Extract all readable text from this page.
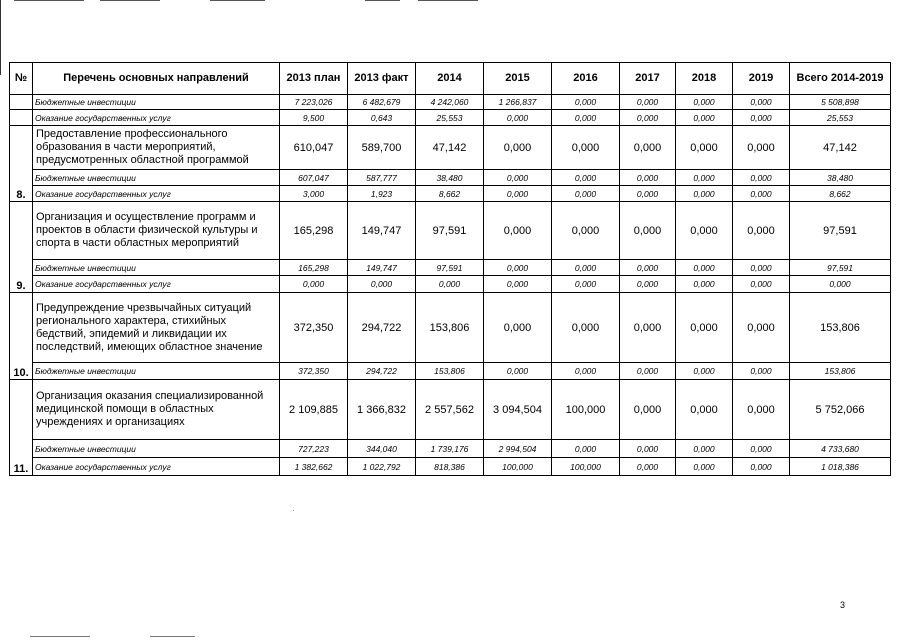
№	Перечень основных направлений	2013 план	2013 факт	2014	2015	2016	2017	2018	2019	Всего 2014-2019
	Бюджетные инвестиции	7 223,026	6 482,679	4 242,060	1 266,837	0,000	0,000	0,000	0,000	5 508,898
	Оказание государственных услуг	9,500	0,643	25,553	0,000	0,000	0,000	0,000	0,000	25,553
8.	Предоставление профессионального образования в части мероприятий, предусмотренных областной программой	610,047	589,700	47,142	0,000	0,000	0,000	0,000	0,000	47,142
	Бюджетные инвестиции	607,047	587,777	38,480	0,000	0,000	0,000	0,000	0,000	38,480
	Оказание государственных услуг	3,000	1,923	8,662	0,000	0,000	0,000	0,000	0,000	8,662
9.	Организация и осуществление программ и проектов в области физической культуры и спорта в части областных мероприятий	165,298	149,747	97,591	0,000	0,000	0,000	0,000	0,000	97,591
	Бюджетные инвестиции	165,298	149,747	97,591	0,000	0,000	0,000	0,000	0,000	97,591
	Оказание государственных услуг	0,000	0,000	0,000	0,000	0,000	0,000	0,000	0,000	0,000
10.	Предупреждение чрезвычайных ситуаций регионального характера, стихийных бедствий, эпидемий и ликвидации их последствий, имеющих областное значение	372,350	294,722	153,806	0,000	0,000	0,000	0,000	0,000	153,806
	Бюджетные инвестиции	372,350	294,722	153,806	0,000	0,000	0,000	0,000	0,000	153,806
11.	Организация оказания специализированной медицинской помощи в областных учреждениях и организациях	2 109,885	1 366,832	2 557,562	3 094,504	100,000	0,000	0,000	0,000	5 752,066
	Бюджетные инвестиции	727,223	344,040	1 739,176	2 994,504	0,000	0,000	0,000	0,000	4 733,680
	Оказание государственных услуг	1 382,662	1 022,792	818,386	100,000	100,000	0,000	0,000	0,000	1 018,386
·
3
